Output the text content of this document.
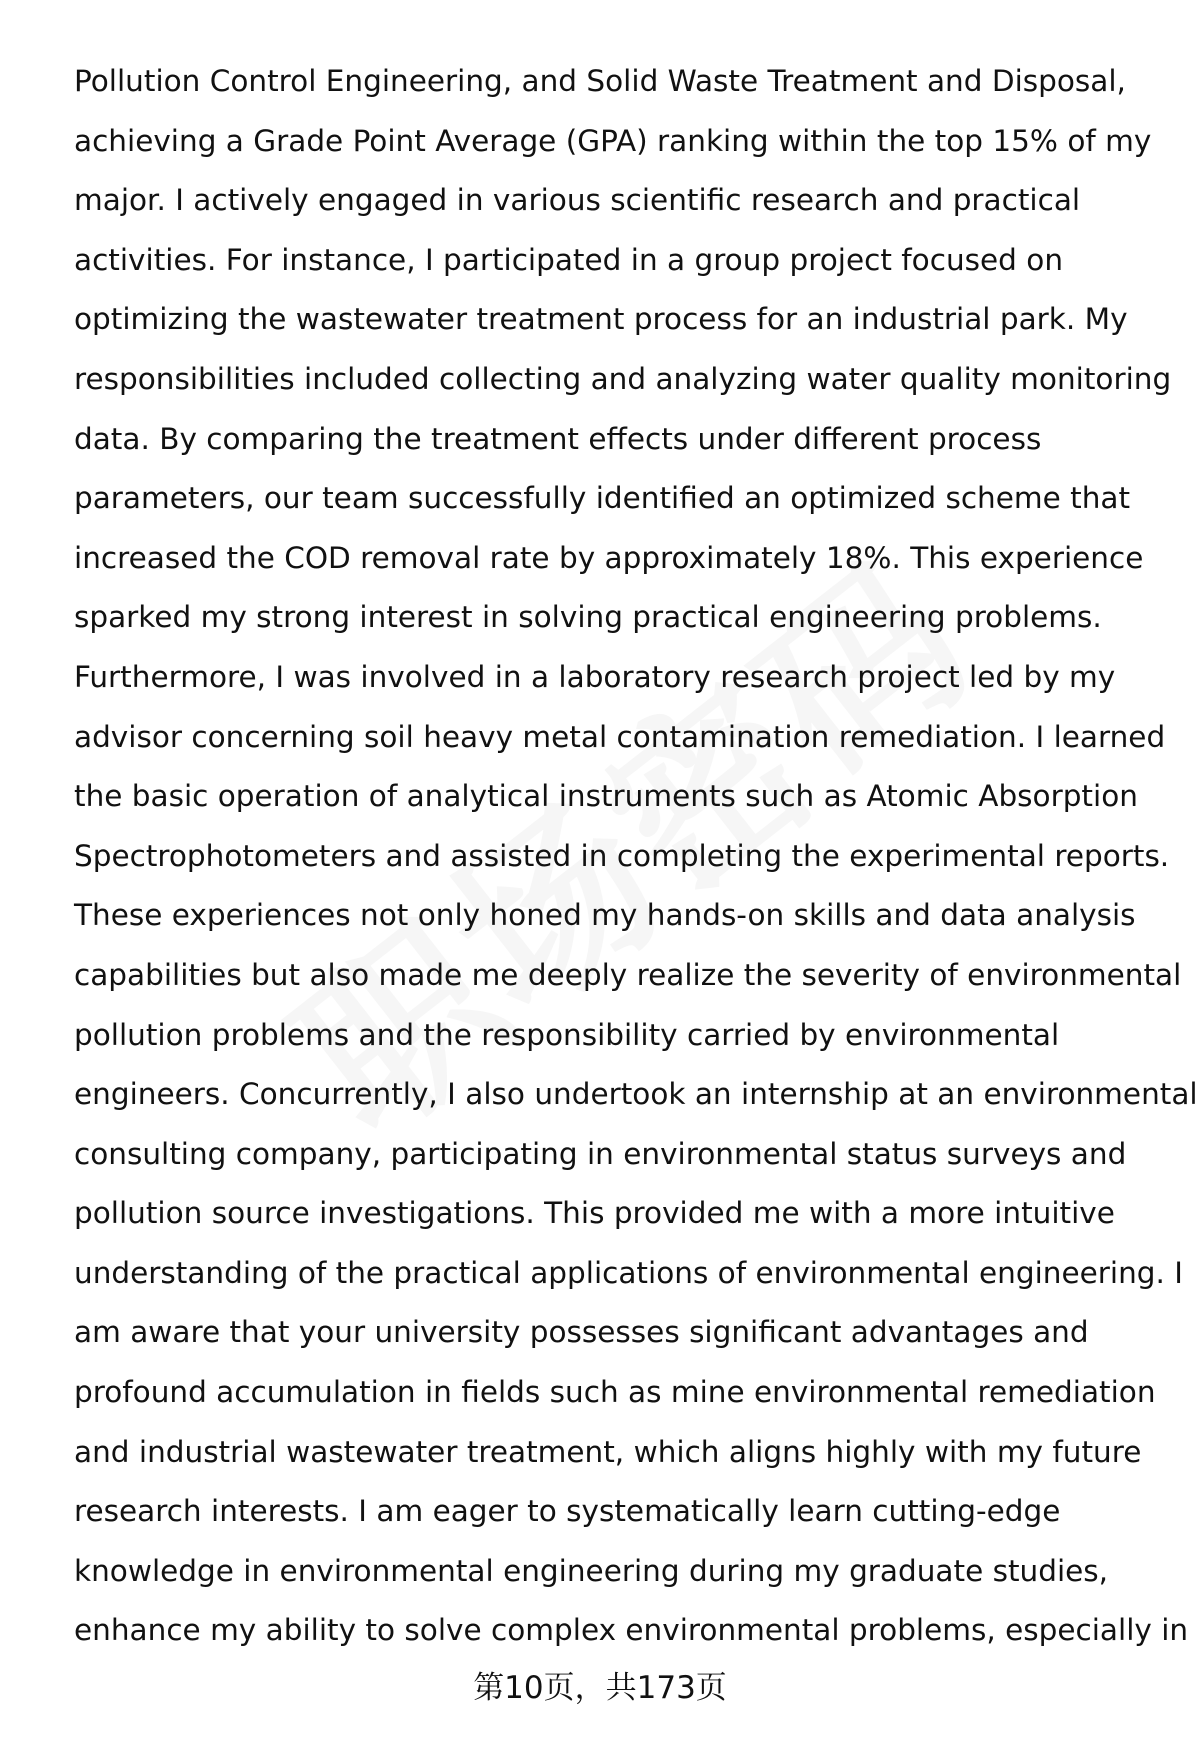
Pollution Control Engineering, and Solid Waste Treatment and Disposal,
achieving a Grade Point Average (GPA) ranking within the top 15% of my
major. I actively engaged in various scientific research and practical
activities. For instance, I participated in a group project focused on
optimizing the wastewater treatment process for an industrial park. My
responsibilities included collecting and analyzing water quality monitoring
data. By comparing the treatment effects under different process
parameters, our team successfully identified an optimized scheme that
increased the COD removal rate by approximately 18%. This experience
sparked my strong interest in solving practical engineering problems.
Furthermore, I was involved in a laboratory research project led by my
advisor concerning soil heavy metal contamination remediation. I learned
the basic operation of analytical instruments such as Atomic Absorption
Spectrophotometers and assisted in completing the experimental reports.
These experiences not only honed my hands-on skills and data analysis
capabilities but also made me deeply realize the severity of environmental
pollution problems and the responsibility carried by environmental
engineers. Concurrently, I also undertook an internship at an environmental
consulting company, participating in environmental status surveys and
pollution source investigations. This provided me with a more intuitive
understanding of the practical applications of environmental engineering. I
am aware that your university possesses significant advantages and
profound accumulation in fields such as mine environmental remediation
and industrial wastewater treatment, which aligns highly with my future
research interests. I am eager to systematically learn cutting-edge
knowledge in environmental engineering during my graduate studies,
enhance my ability to solve complex environmental problems, especially in
第10页，共173页
